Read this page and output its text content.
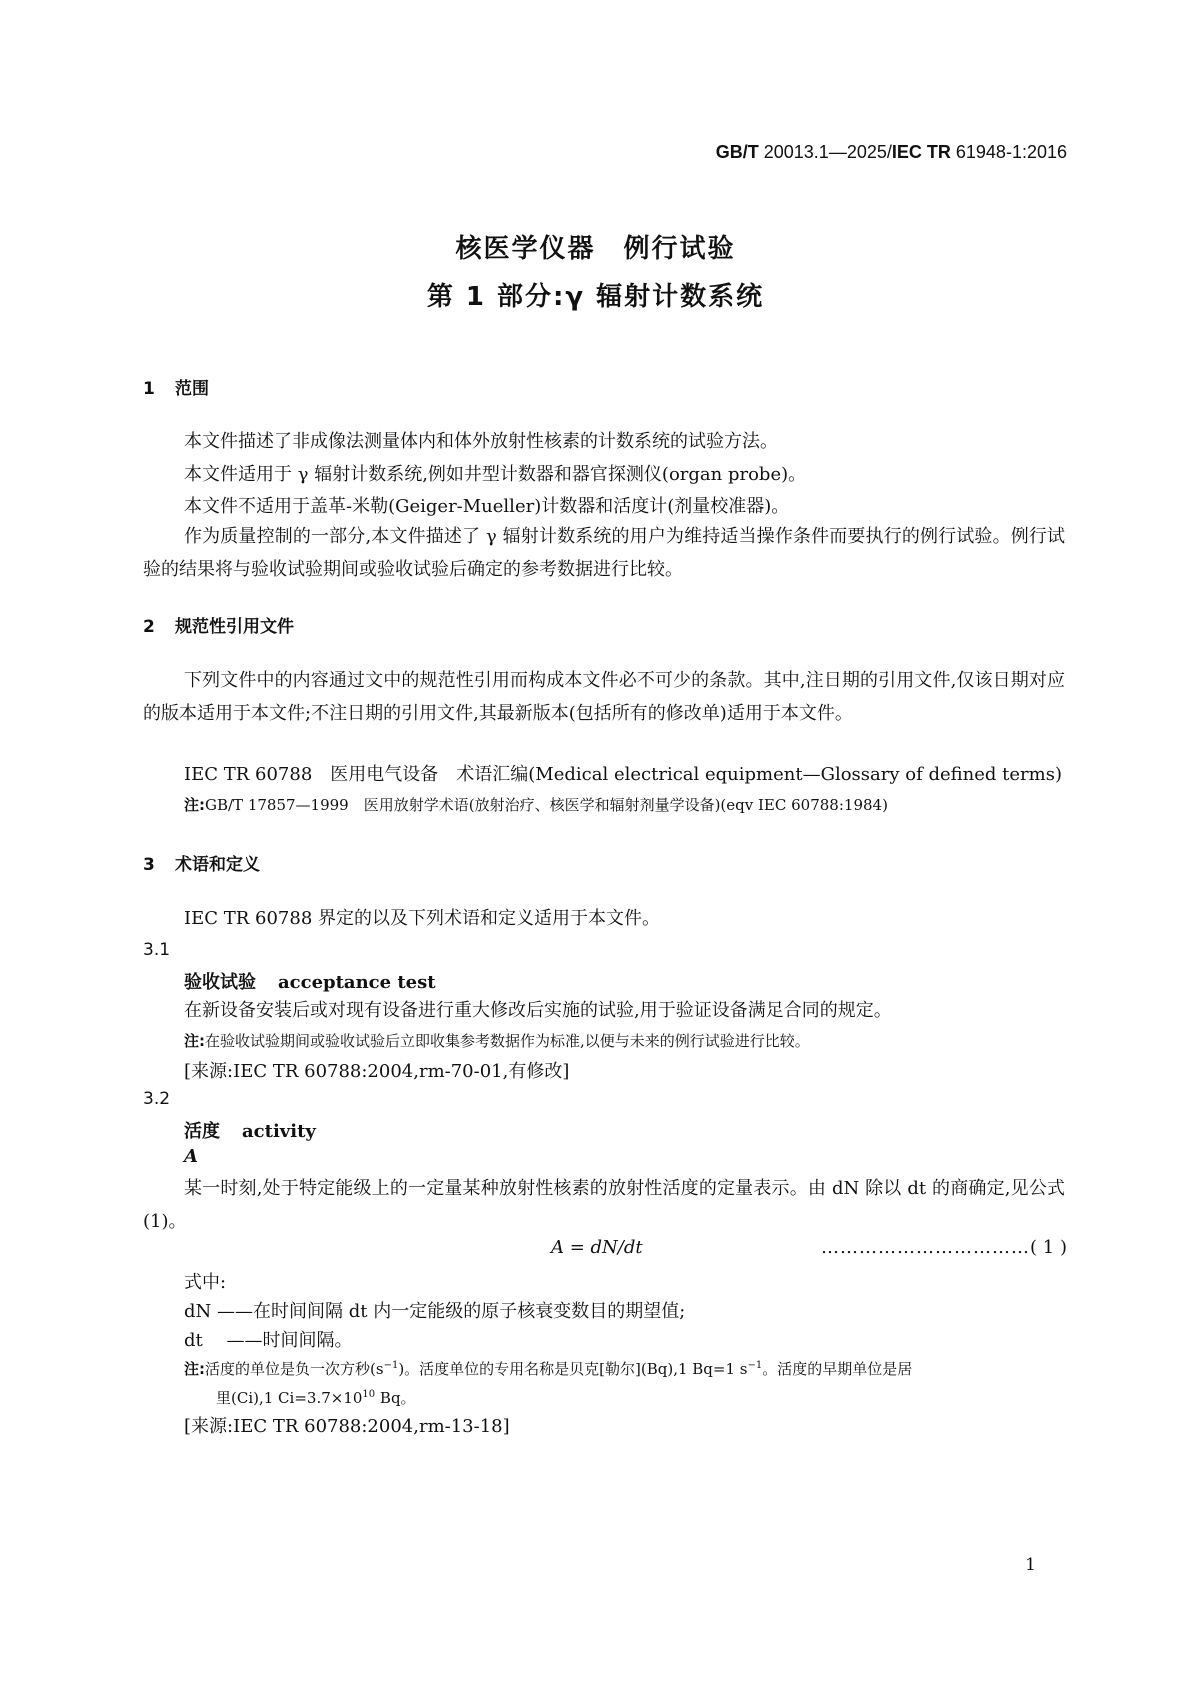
GB/T 20013.1—2025/IEC TR 61948-1:2016
核医学仪器　例行试验
第 1 部分:γ 辐射计数系统
1 范围
本文件描述了非成像法测量体内和体外放射性核素的计数系统的试验方法。
本文件适用于 γ 辐射计数系统,例如井型计数器和器官探测仪(organ probe)。
本文件不适用于盖革-米勒(Geiger-Mueller)计数器和活度计(剂量校准器)。
作为质量控制的一部分,本文件描述了 γ 辐射计数系统的用户为维持适当操作条件而要执行的例行试验。例行试验的结果将与验收试验期间或验收试验后确定的参考数据进行比较。
2 规范性引用文件
下列文件中的内容通过文中的规范性引用而构成本文件必不可少的条款。其中,注日期的引用文件,仅该日期对应的版本适用于本文件;不注日期的引用文件,其最新版本(包括所有的修改单)适用于本文件。
IEC TR 60788　医用电气设备　术语汇编(Medical electrical equipment—Glossary of defined terms)
注:GB/T 17857—1999　医用放射学术语(放射治疗、核医学和辐射剂量学设备)(eqv IEC 60788:1984)
3 术语和定义
IEC TR 60788 界定的以及下列术语和定义适用于本文件。
3.1
验收试验 acceptance test
在新设备安装后或对现有设备进行重大修改后实施的试验,用于验证设备满足合同的规定。
注:在验收试验期间或验收试验后立即收集参考数据作为标准,以便与未来的例行试验进行比较。
[来源:IEC TR 60788:2004,rm-70-01,有修改]
3.2
活度 activity
A
某一时刻,处于特定能级上的一定量某种放射性核素的放射性活度的定量表示。由 dN 除以 dt 的商确定,见公式(1)。
A = dN/dt	……………………………( 1 )
式中:
dN ——在时间间隔 dt 内一定能级的原子核衰变数目的期望值;
dt 　——时间间隔。
注:活度的单位是负一次方秒$(s^{-1})$。活度单位的专用名称是贝克[勒尔](Bq),1 Bq=1 $s^{-1}$。活度的早期单位是居
里(Ci),1 $Ci=3.7\times 10^{10}$ Bq。
[来源:IEC TR 60788:2004,rm-13-18]
1
